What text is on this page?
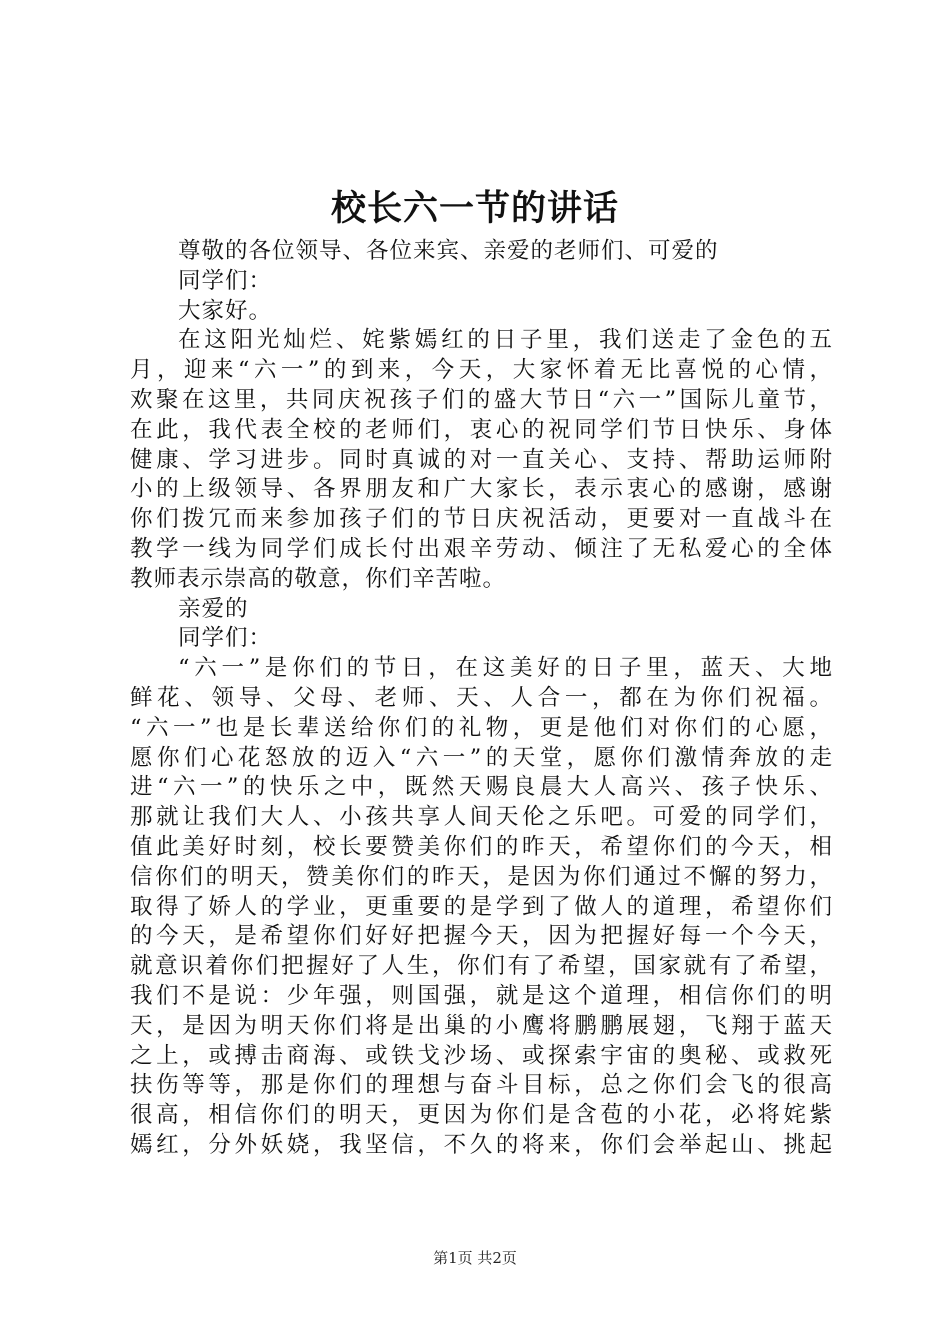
校长六一节的讲话
尊敬的各位领导、各位来宾、亲爱的老师们、可爱的
同学们：
大家好。
在这阳光灿烂、姹紫嫣红的日子里，我们送走了金色的五
月，迎来“六一”的到来，今天，大家怀着无比喜悦的心情，
欢聚在这里，共同庆祝孩子们的盛大节日“六一”国际儿童节，
在此，我代表全校的老师们，衷心的祝同学们节日快乐、身体
健康、学习进步。同时真诚的对一直关心、支持、帮助运师附
小的上级领导、各界朋友和广大家长，表示衷心的感谢，感谢
你们拨冗而来参加孩子们的节日庆祝活动，更要对一直战斗在
教学一线为同学们成长付出艰辛劳动、倾注了无私爱心的全体
教师表示崇高的敬意，你们辛苦啦。
亲爱的
同学们：
“六一”是你们的节日，在这美好的日子里，蓝天、大地
鲜花、领导、父母、老师、天、人合一，都在为你们祝福。
“六一”也是长辈送给你们的礼物，更是他们对你们的心愿，
愿你们心花怒放的迈入“六一”的天堂，愿你们激情奔放的走
进“六一”的快乐之中，既然天赐良晨大人高兴、孩子快乐、
那就让我们大人、小孩共享人间天伦之乐吧。可爱的同学们，
值此美好时刻，校长要赞美你们的昨天，希望你们的今天，相
信你们的明天，赞美你们的昨天，是因为你们通过不懈的努力，
取得了娇人的学业，更重要的是学到了做人的道理，希望你们
的今天，是希望你们好好把握今天，因为把握好每一个今天，
就意识着你们把握好了人生，你们有了希望，国家就有了希望，
我们不是说：少年强，则国强，就是这个道理，相信你们的明
天，是因为明天你们将是出巢的小鹰将鹏鹏展翅，飞翔于蓝天
之上，或搏击商海、或铁戈沙场、或探索宇宙的奥秘、或救死
扶伤等等，那是你们的理想与奋斗目标，总之你们会飞的很高
很高，相信你们的明天，更因为你们是含苞的小花，必将姹紫
嫣红，分外妖娆，我坚信，不久的将来，你们会举起山、挑起
第1页 共2页
